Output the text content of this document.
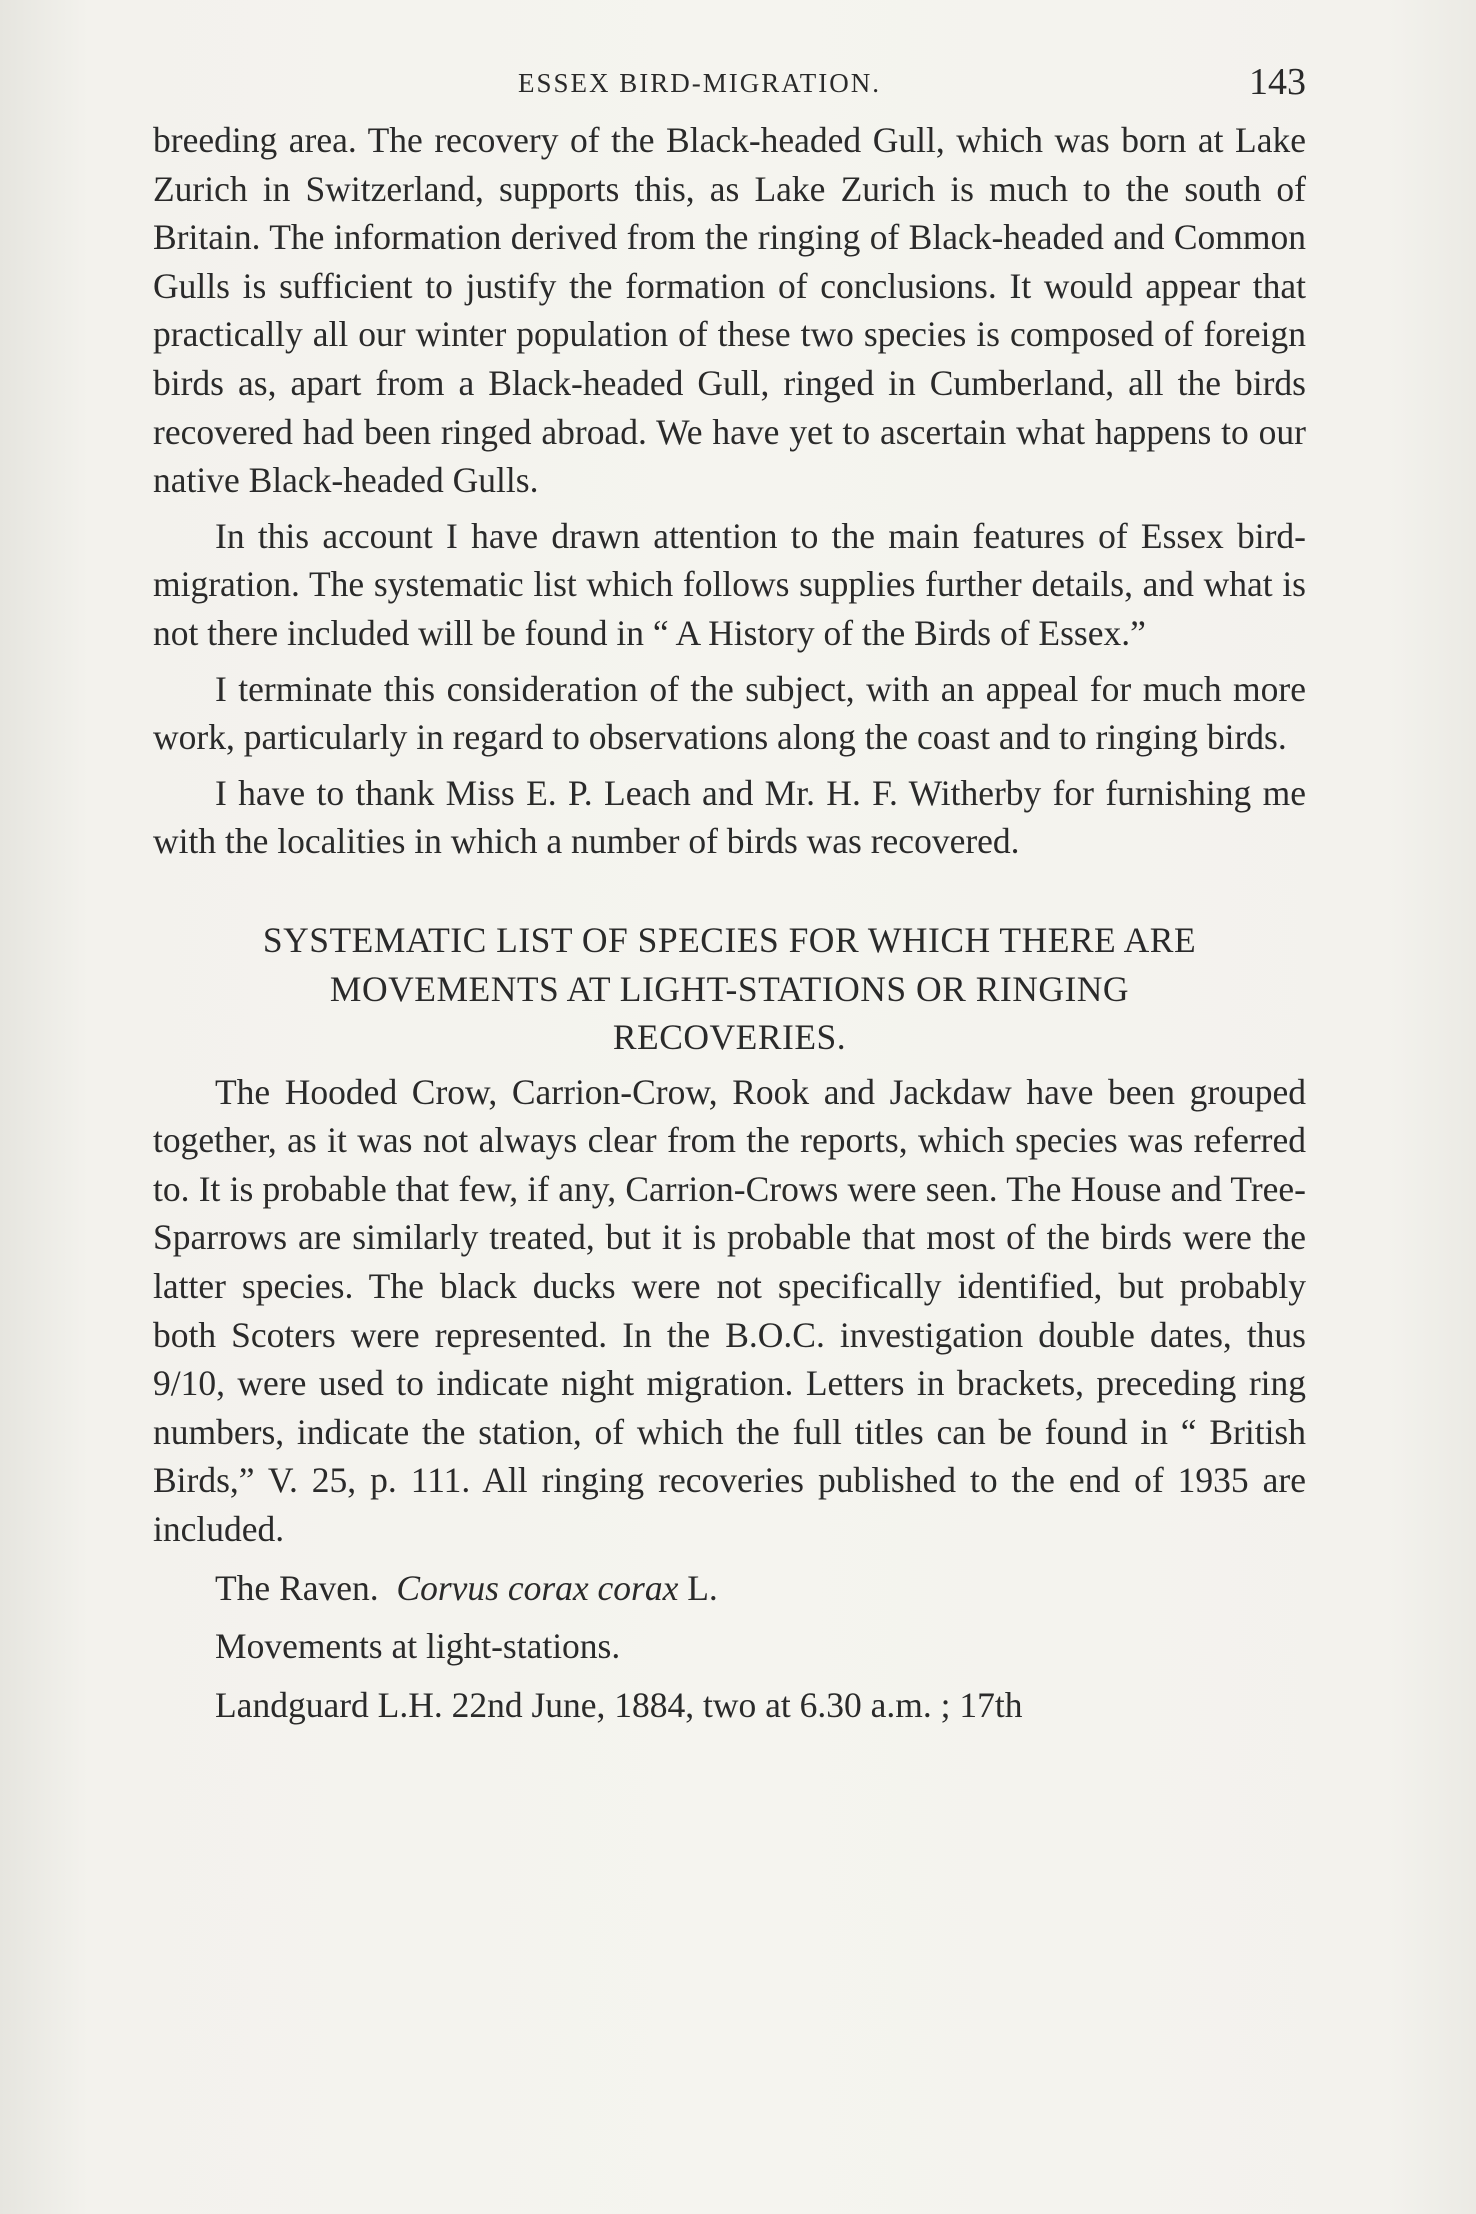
ESSEX BIRD-MIGRATION.	143

breeding area. The recovery of the Black-headed Gull, which was born at Lake Zurich in Switzerland, supports this, as Lake Zurich is much to the south of Britain. The information derived from the ringing of Black-headed and Common Gulls is sufficient to justify the formation of conclusions. It would appear that practically all our winter population of these two species is composed of foreign birds as, apart from a Black-headed Gull, ringed in Cumberland, all the birds recovered had been ringed abroad. We have yet to ascertain what happens to our native Black-headed Gulls.

In this account I have drawn attention to the main features of Essex bird-migration. The systematic list which follows supplies further details, and what is not there included will be found in “ A History of the Birds of Essex.”

I terminate this consideration of the subject, with an appeal for much more work, particularly in regard to observations along the coast and to ringing birds.

I have to thank Miss E. P. Leach and Mr. H. F. Witherby for furnishing me with the localities in which a number of birds was recovered.

SYSTEMATIC LIST OF SPECIES FOR WHICH THERE ARE
MOVEMENTS AT LIGHT-STATIONS OR RINGING
RECOVERIES.

The Hooded Crow, Carrion-Crow, Rook and Jackdaw have been grouped together, as it was not always clear from the reports, which species was referred to. It is probable that few, if any, Carrion-Crows were seen. The House and Tree-Sparrows are similarly treated, but it is probable that most of the birds were the latter species. The black ducks were not specifically identified, but probably both Scoters were represented. In the B.O.C. investigation double dates, thus 9/10, were used to indicate night migration. Letters in brackets, preceding ring numbers, indicate the station, of which the full titles can be found in “ British Birds,” V. 25, p. 111. All ringing recoveries published to the end of 1935 are included.

The Raven. Corvus corax corax L.

Movements at light-stations.

Landguard L.H. 22nd June, 1884, two at 6.30 a.m. ; 17th
